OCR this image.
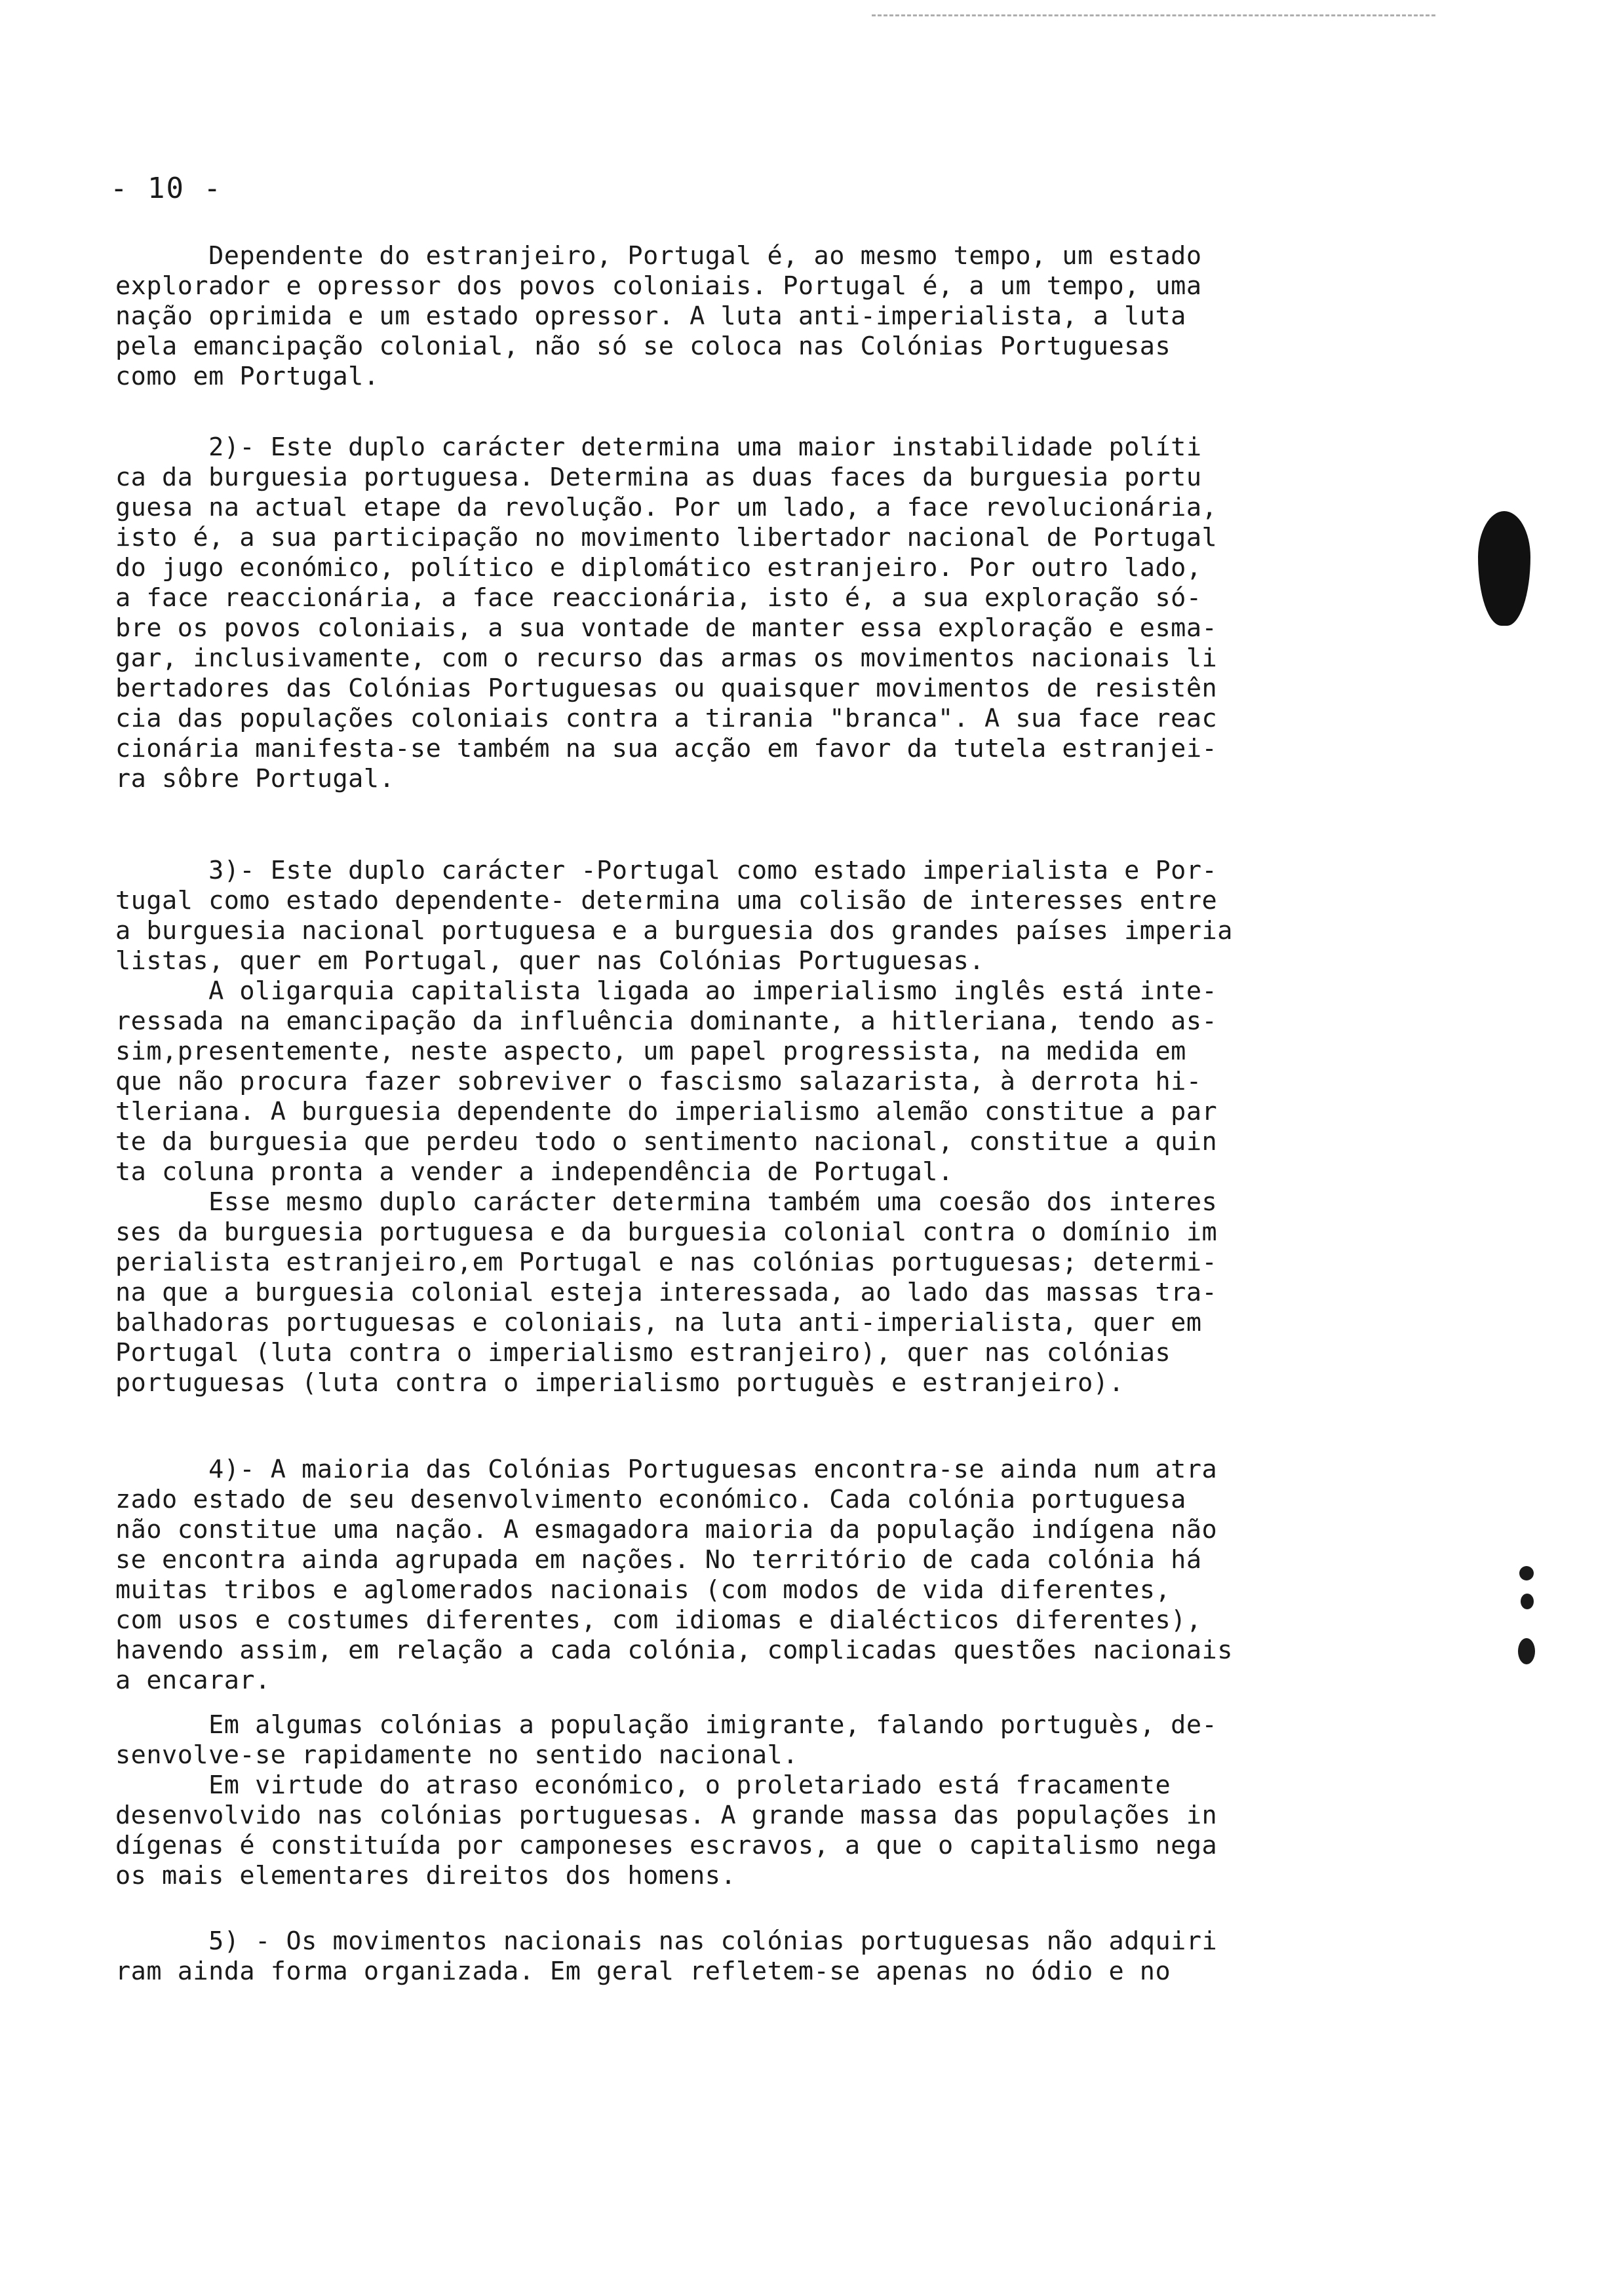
- 10 -
Dependente do estranjeiro, Portugal é, ao mesmo tempo, um estado
explorador e opressor dos povos coloniais. Portugal é, a um tempo, uma
nação oprimida e um estado opressor. A luta anti-imperialista, a luta
pela emancipação colonial, não só se coloca nas Colónias Portuguesas
como em Portugal.
2)- Este duplo carácter determina uma maior instabilidade políti
ca da burguesia portuguesa. Determina as duas faces da burguesia portu
guesa na actual etape da revolução. Por um lado, a face revolucionária,
isto é, a sua participação no movimento libertador nacional de Portugal
do jugo económico, político e diplomático estranjeiro. Por outro lado,
a face reaccionária, a face reaccionária, isto é, a sua exploração só-
bre os povos coloniais, a sua vontade de manter essa exploração e esma-
gar, inclusivamente, com o recurso das armas os movimentos nacionais li
bertadores das Colónias Portuguesas ou quaisquer movimentos de resistên
cia das populações coloniais contra a tirania "branca". A sua face reac
cionária manifesta-se também na sua acção em favor da tutela estranjei-
ra sôbre Portugal.
3)- Este duplo carácter -Portugal como estado imperialista e Por-
tugal como estado dependente- determina uma colisão de interesses entre
a burguesia nacional portuguesa e a burguesia dos grandes países imperia
listas, quer em Portugal, quer nas Colónias Portuguesas.
A oligarquia capitalista ligada ao imperialismo inglês está inte-
ressada na emancipação da influência dominante, a hitleriana, tendo as-
sim,presentemente, neste aspecto, um papel progressista, na medida em
que não procura fazer sobreviver o fascismo salazarista, à derrota hi-
tleriana. A burguesia dependente do imperialismo alemão constitue a par
te da burguesia que perdeu todo o sentimento nacional, constitue a quin
ta coluna pronta a vender a independência de Portugal.
Esse mesmo duplo carácter determina também uma coesão dos interes
ses da burguesia portuguesa e da burguesia colonial contra o domínio im
perialista estranjeiro,em Portugal e nas colónias portuguesas; determi-
na que a burguesia colonial esteja interessada, ao lado das massas tra-
balhadoras portuguesas e coloniais, na luta anti-imperialista, quer em
Portugal (luta contra o imperialismo estranjeiro), quer nas colónias
portuguesas (luta contra o imperialismo portuguès e estranjeiro).
4)- A maioria das Colónias Portuguesas encontra-se ainda num atra
zado estado de seu desenvolvimento económico. Cada colónia portuguesa
não constitue uma nação. A esmagadora maioria da população indígena não
se encontra ainda agrupada em nações. No território de cada colónia há
muitas tribos e aglomerados nacionais (com modos de vida diferentes,
com usos e costumes diferentes, com idiomas e dialécticos diferentes),
havendo assim, em relação a cada colónia, complicadas questões nacionais
a encarar.
Em algumas colónias a população imigrante, falando portuguès, de-
senvolve-se rapidamente no sentido nacional.
Em virtude do atraso económico, o proletariado está fracamente
desenvolvido nas colónias portuguesas. A grande massa das populações in
dígenas é constituída por camponeses escravos, a que o capitalismo nega
os mais elementares direitos dos homens.
5) - Os movimentos nacionais nas colónias portuguesas não adquiri
ram ainda forma organizada. Em geral refletem-se apenas no ódio e no
